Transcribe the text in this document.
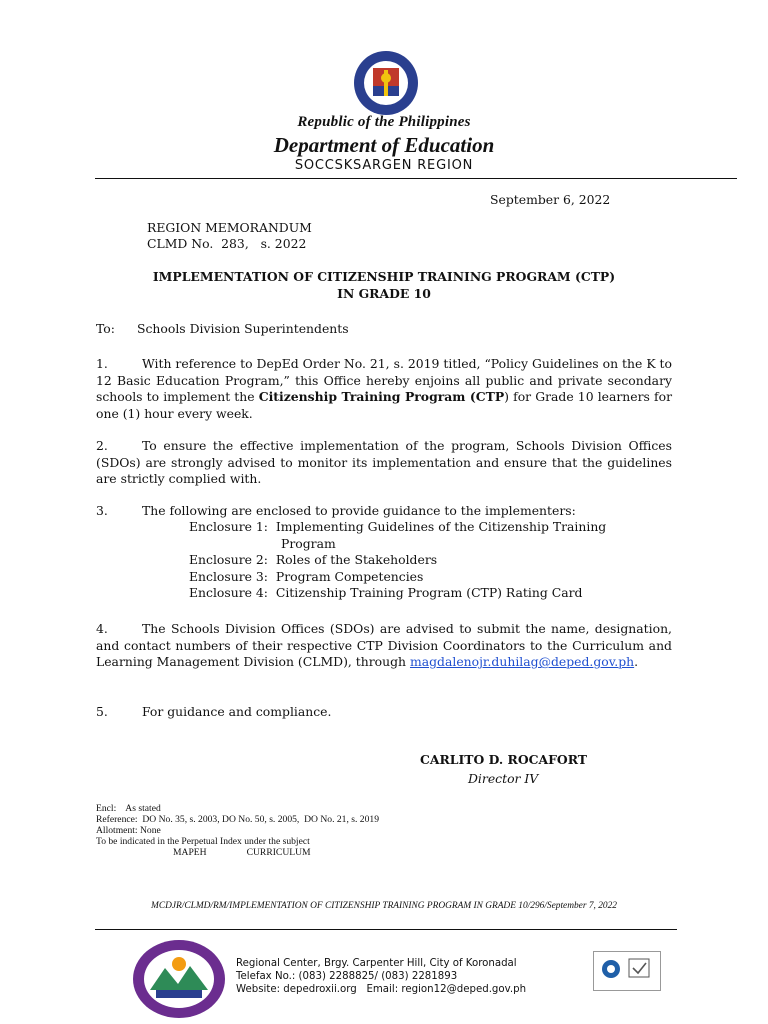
Republic of the Philippines
Department of Education
SOCCSKSARGEN REGION
September 6, 2022
REGION MEMORANDUM
CLMD No.  283,   s. 2022
IMPLEMENTATION OF CITIZENSHIP TRAINING PROGRAM (CTP)
IN GRADE 10
To: Schools Division Superintendents
1.	With reference to DepEd Order No. 21, s. 2019 titled, “Policy Guidelines on the K to 12 Basic Education Program,” this Office hereby enjoins all public and private secondary schools to implement the Citizenship Training Program (CTP) for Grade 10 learners for one (1) hour every week.
2.	To ensure the effective implementation of the program, Schools Division Offices (SDOs) are strongly advised to monitor its implementation and ensure that the guidelines are strictly complied with.
3.	The following are enclosed to provide guidance to the implementers:
Enclosure 1:  Implementing Guidelines of the Citizenship Training
Program
Enclosure 2:  Roles of the Stakeholders
Enclosure 3:  Program Competencies
Enclosure 4:  Citizenship Training Program (CTP) Rating Card
4.	The Schools Division Offices (SDOs) are advised to submit the name, designation, and contact numbers of their respective CTP Division Coordinators to the Curriculum and Learning Management Division (CLMD), through magdalenojr.duhilag@deped.gov.ph.
5.	For guidance and compliance.
CARLITO D. ROCAFORT
Director IV
Encl:    As stated
Reference:  DO No. 35, s. 2003, DO No. 50, s. 2005,  DO No. 21, s. 2019
Allotment: None
To be indicated in the Perpetual Index under the subject
MAPEH	CURRICULUM
MCDJR/CLMD/RM/IMPLEMENTATION OF CITIZENSHIP TRAINING PROGRAM IN GRADE 10/296/September 7, 2022
Regional Center, Brgy. Carpenter Hill, City of Koronadal
Telefax No.: (083) 2288825/ (083) 2281893
Website: depedroxii.org   Email: region12@deped.gov.ph
